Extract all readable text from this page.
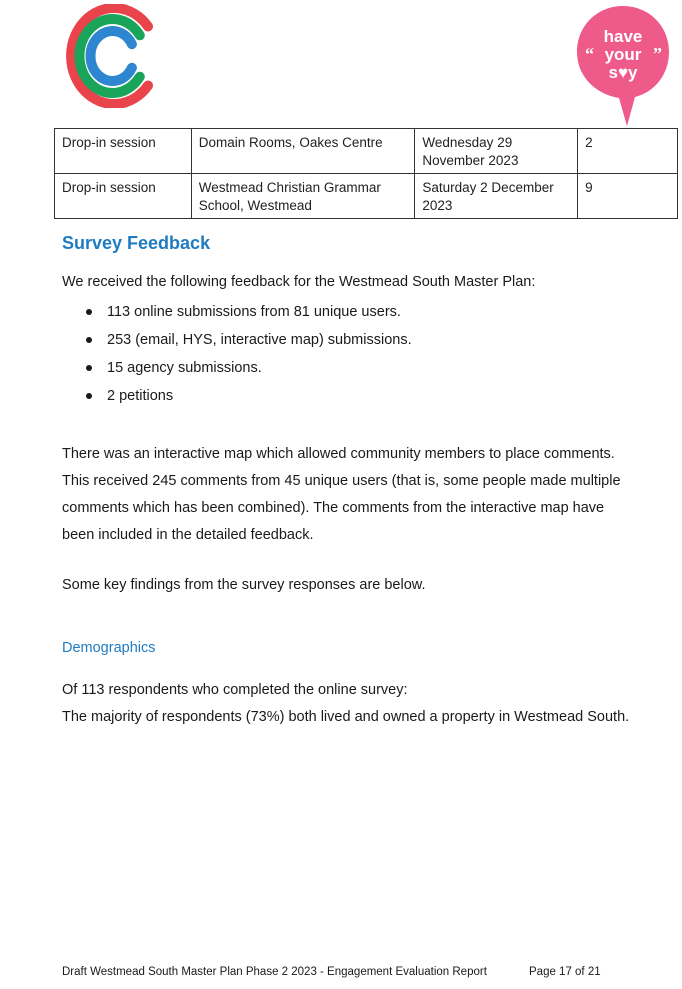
have
your
s♥y
“	”
Drop-in session	Domain Rooms, Oakes Centre	Wednesday 29 November 2023	2
Drop-in session	Westmead Christian Grammar School, Westmead	Saturday 2 December 2023	9
Survey Feedback

We received the following feedback for the Westmead South Master Plan:

113 online submissions from 81 unique users.
253 (email, HYS, interactive map) submissions.
15 agency submissions.
2 petitions

There was an interactive map which allowed community members to place comments. This received 245 comments from 45 unique users (that is, some people made multiple comments which has been combined). The comments from the interactive map have been included in the detailed feedback.

Some key findings from the survey responses are below.

Demographics
Of 113 respondents who completed the online survey:
The majority of respondents (73%) both lived and owned a property in Westmead South.
Draft Westmead South Master Plan Phase 2 2023 - Engagement Evaluation Report	Page 17 of 21
